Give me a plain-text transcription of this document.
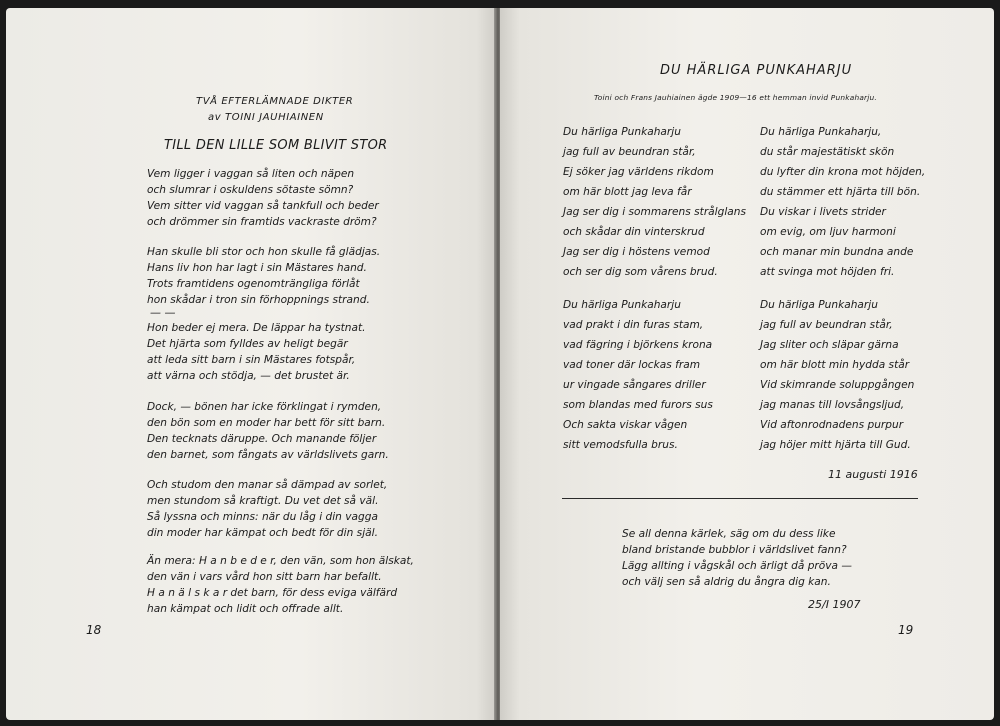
TVÅ EFTERLÄMNADE DIKTER
av TOINI JAUHIAINEN
TILL DEN LILLE SOM BLIVIT STOR
Vem ligger i vaggan så liten och näpen
och slumrar i oskuldens sötaste sömn?
Vem sitter vid vaggan så tankfull och beder
och drömmer sin framtids vackraste dröm?
Han skulle bli stor och hon skulle få glädjas.
Hans liv hon har lagt i sin Mästares hand.
Trots framtidens ogenomträngliga förlåt
hon skådar i tron sin förhoppnings strand.
— —
Hon beder ej mera. De läppar ha tystnat.
Det hjärta som fylldes av heligt begär
att leda sitt barn i sin Mästares fotspår,
att värna och stödja, — det brustet är.
Dock, — bönen har icke förklingat i rymden,
den bön som en moder har bett för sitt barn.
Den tecknats däruppe. Och manande följer
den barnet, som fångats av världslivets garn.
Och studom den manar så dämpad av sorlet,
men stundom så kraftigt. Du vet det så väl.
Så lyssna och minns: när du låg i din vagga
din moder har kämpat och bedt för din själ.
Än mera: H a n b e d e r, den vän, som hon älskat,
den vän i vars vård hon sitt barn har befallt.
H a n ä l s k a r det barn, för dess eviga välfärd
han kämpat och lidit och offrade allt.
18
DU HÄRLIGA PUNKAHARJU
Toini och Frans Jauhiainen ägde 1909—16 ett hemman invid Punkaharju.
Du härliga Punkaharju
jag full av beundran står,
Ej söker jag världens rikdom
om här blott jag leva får
Jag ser dig i sommarens strålglans
och skådar din vinterskrud
Jag ser dig i höstens vemod
och ser dig som vårens brud.
Du härliga Punkaharju
vad prakt i din furas stam,
vad fägring i björkens krona
vad toner där lockas fram
ur vingade sångares driller
som blandas med furors sus
Och sakta viskar vågen
sitt vemodsfulla brus.
Du härliga Punkaharju,
du står majestätiskt skön
du lyfter din krona mot höjden,
du stämmer ett hjärta till bön.
Du viskar i livets strider
om evig, om ljuv harmoni
och manar min bundna ande
att svinga mot höjden fri.
Du härliga Punkaharju
jag full av beundran står,
Jag sliter och släpar gärna
om här blott min hydda står
Vid skimrande soluppgången
jag manas till lovsångsljud,
Vid aftonrodnadens purpur
jag höjer mitt hjärta till Gud.
11 augusti 1916
Se all denna kärlek, säg om du dess like
bland bristande bubblor i världslivet fann?
Lägg allting i vågskål och ärligt då pröva —
och välj sen så aldrig du ångra dig kan.
25/I 1907
19
